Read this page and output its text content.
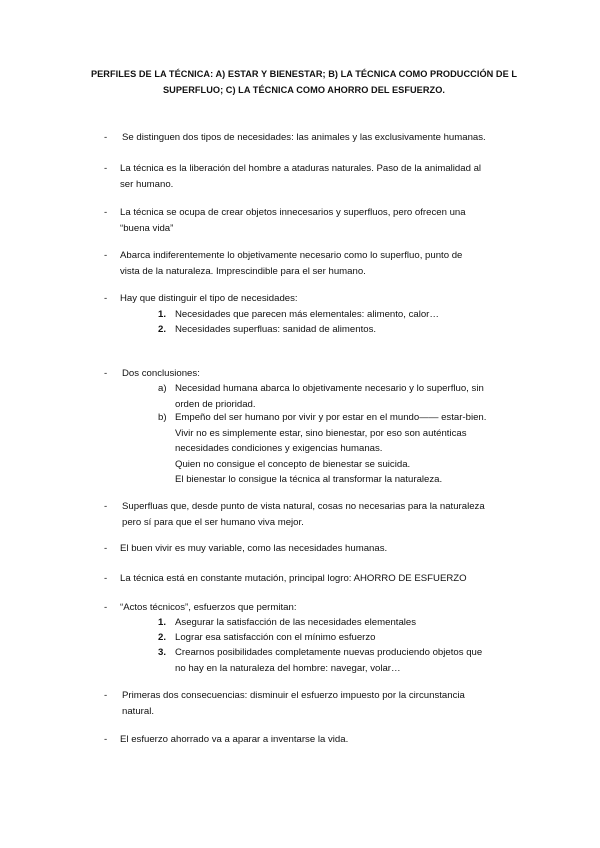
PERFILES DE LA TÉCNICA: A) ESTAR Y BIENESTAR; B) LA TÉCNICA COMO PRODUCCIÓN DE L
SUPERFLUO; C) LA TÉCNICA COMO AHORRO DEL ESFUERZO.
- Se distinguen dos tipos de necesidades: las animales y las exclusivamente humanas.
- La técnica es la liberación del hombre a ataduras naturales. Paso de la animalidad al
ser humano.
- La técnica se ocupa de crear objetos innecesarios y superfluos, pero ofrecen una
“buena vida”
- Abarca indiferentemente lo objetivamente necesario como lo superfluo, punto de
vista de la naturaleza. Imprescindible para el ser humano.
- Hay que distinguir el tipo de necesidades:
1. Necesidades que parecen más elementales: alimento, calor…
2. Necesidades superfluas: sanidad de alimentos.
- Dos conclusiones:
a) Necesidad humana abarca lo objetivamente necesario y lo superfluo, sin
orden de prioridad.
b) Empeño del ser humano por vivir y por estar en el mundo—— estar-bien.
Vivir no es simplemente estar, sino bienestar, por eso son auténticas
necesidades condiciones y exigencias humanas.
Quien no consigue el concepto de bienestar se suicida.
El bienestar lo consigue la técnica al transformar la naturaleza.
- Superfluas que, desde punto de vista natural, cosas no necesarias para la naturaleza
pero sí para que el ser humano viva mejor.
- El buen vivir es muy variable, como las necesidades humanas.
- La técnica está en constante mutación, principal logro: AHORRO DE ESFUERZO
- “Actos técnicos”, esfuerzos que permitan:
1. Asegurar la satisfacción de las necesidades elementales
2. Lograr esa satisfacción con el mínimo esfuerzo
3. Crearnos posibilidades completamente nuevas produciendo objetos que
no hay en la naturaleza del hombre: navegar, volar…
- Primeras dos consecuencias: disminuir el esfuerzo impuesto por la circunstancia
natural.
- El esfuerzo ahorrado va a aparar a inventarse la vida.
